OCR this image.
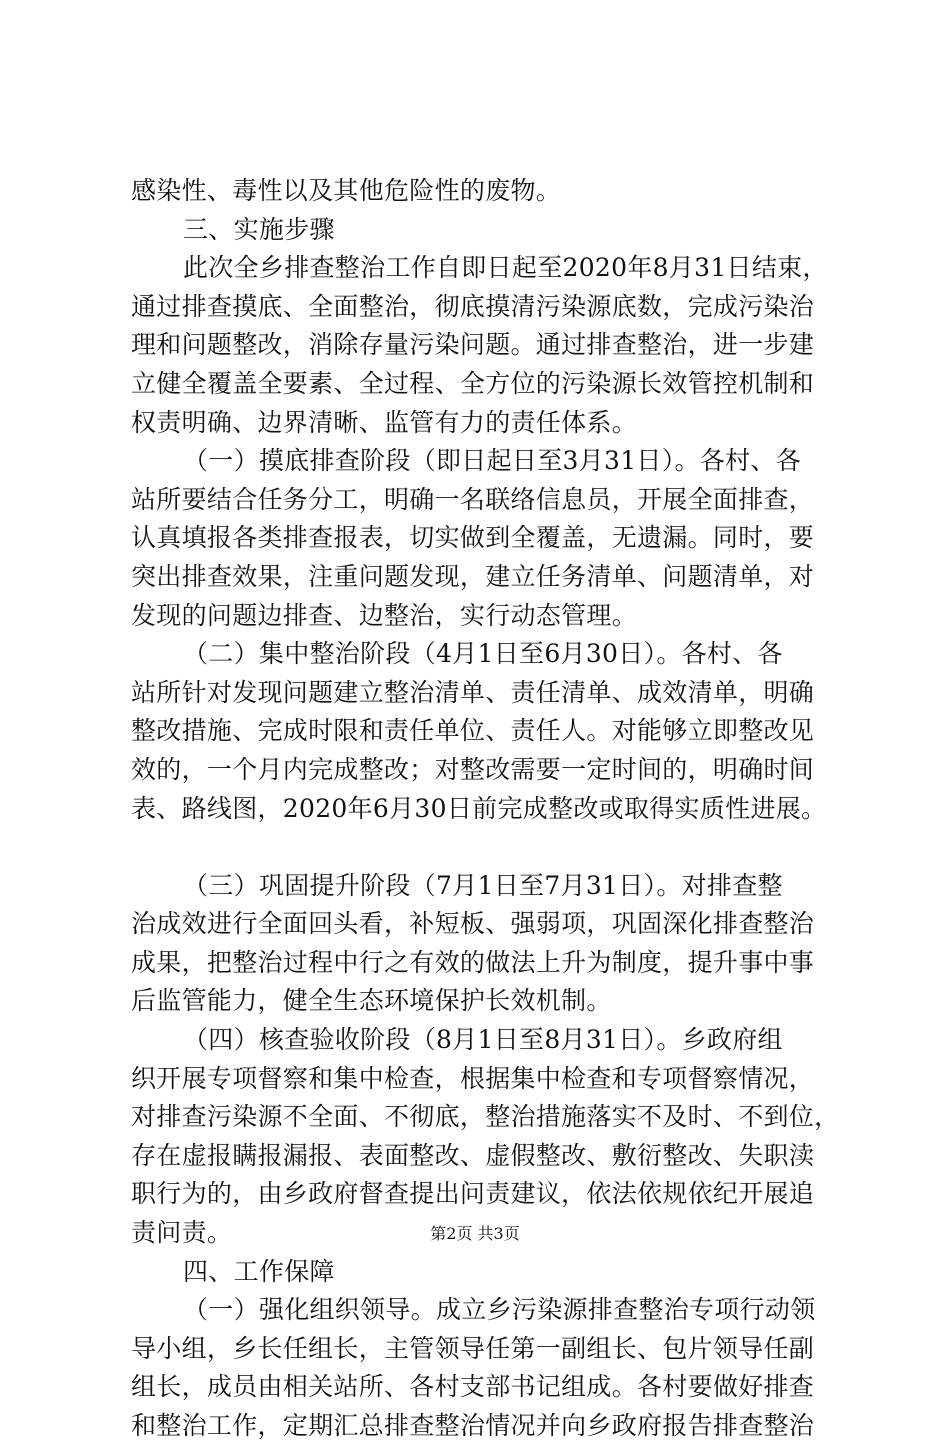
感染性、毒性以及其他危险性的废物。
三、实施步骤
此次全乡排查整治工作自即日起至2020年8月31日结束，
通过排查摸底、全面整治，彻底摸清污染源底数，完成污染治
理和问题整改，消除存量污染问题。通过排查整治，进一步建
立健全覆盖全要素、全过程、全方位的污染源长效管控机制和
权责明确、边界清晰、监管有力的责任体系。
（一）摸底排查阶段（即日起日至3月31日）。各村、各
站所要结合任务分工，明确一名联络信息员，开展全面排查，
认真填报各类排查报表，切实做到全覆盖，无遗漏。同时，要
突出排查效果，注重问题发现，建立任务清单、问题清单，对
发现的问题边排查、边整治，实行动态管理。
（二）集中整治阶段（4月1日至6月30日）。各村、各
站所针对发现问题建立整治清单、责任清单、成效清单，明确
整改措施、完成时限和责任单位、责任人。对能够立即整改见
效的，一个月内完成整改；对整改需要一定时间的，明确时间
表、路线图，2020年6月30日前完成整改或取得实质性进展。
（三）巩固提升阶段（7月1日至7月31日）。对排查整
治成效进行全面回头看，补短板、强弱项，巩固深化排查整治
成果，把整治过程中行之有效的做法上升为制度，提升事中事
后监管能力，健全生态环境保护长效机制。
（四）核查验收阶段（8月1日至8月31日）。乡政府组
织开展专项督察和集中检查，根据集中检查和专项督察情况，
对排查污染源不全面、不彻底，整治措施落实不及时、不到位，
存在虚报瞒报漏报、表面整改、虚假整改、敷衍整改、失职渎
职行为的，由乡政府督查提出问责建议，依法依规依纪开展追
责问责。
四、工作保障
（一）强化组织领导。成立乡污染源排查整治专项行动领
导小组，乡长任组长，主管领导任第一副组长、包片领导任副
组长，成员由相关站所、各村支部书记组成。各村要做好排查
和整治工作，定期汇总排查整治情况并向乡政府报告排查整治
第2页 共3页
